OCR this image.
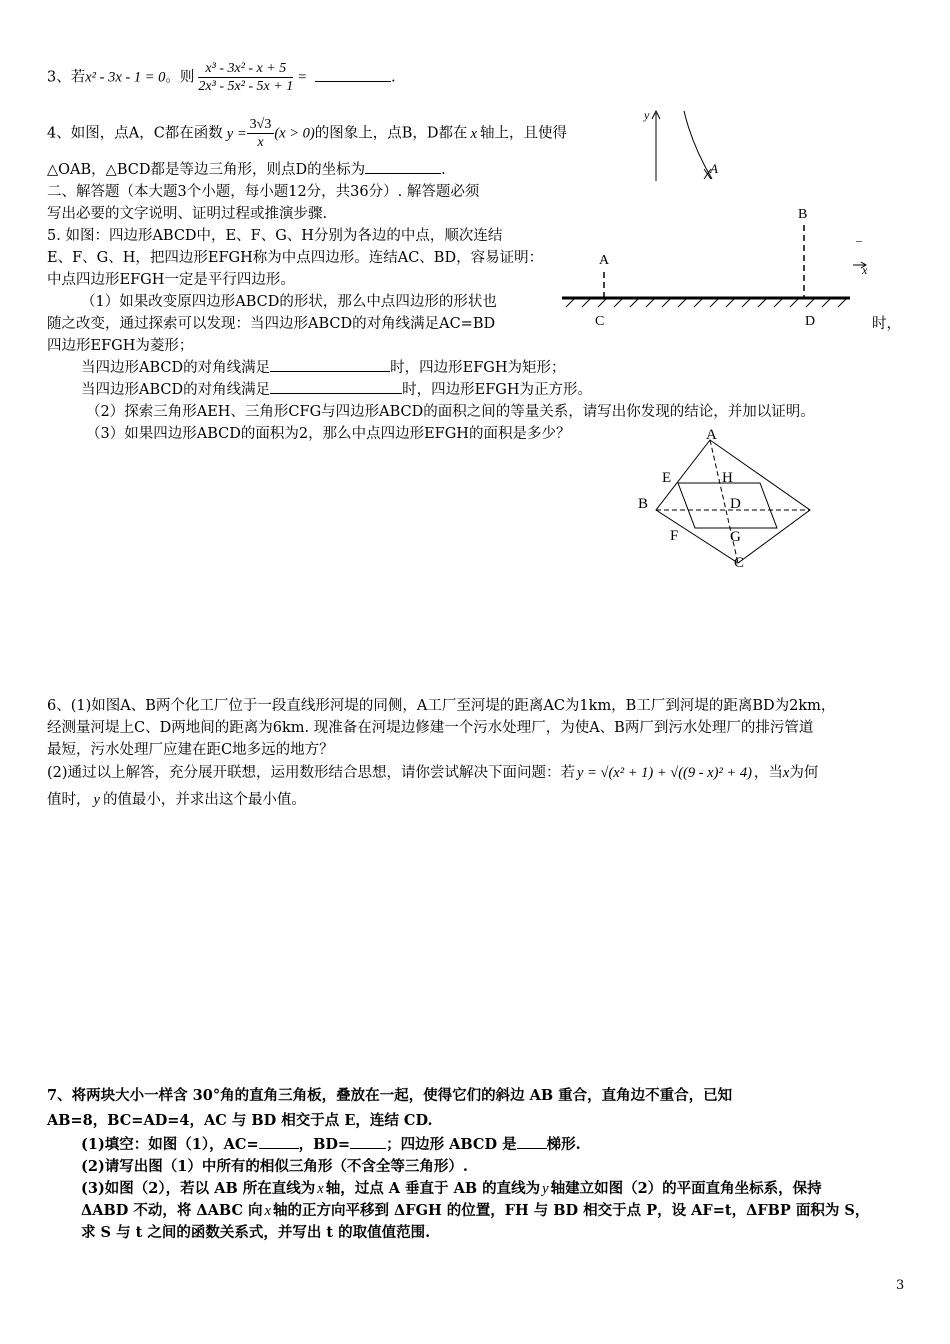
3、若x² - 3x - 1 = 0。则 $\frac{\text{x³ - 3x² - x + 5}}{\text{2x³ - 5x² - 5x + 1}}$ =	.
4、如图，点A，C都在函数 $y = \frac{3√3}{x} (x > 0)$的图象上，点B，D都在 x 轴上，且使得
△OAB，△BCD都是等边三角形，则点D的坐标为	.
y
A
二、解答题（本大题3个小题，每小题12分，共36分）. 解答题必须
写出必要的文字说明、证明过程或推演步骤.
5. 如图：四边形ABCD中，E、F、G、H分别为各边的中点，顺次连结
E、F、G、H，把四边形EFGH称为中点四边形。连结AC、BD，容易证明：
中点四边形EFGH一定是平行四边形。
（1）如果改变原四边形ABCD的形状，那么中点四边形的形状也
随之改变，通过探索可以发现：当四边形ABCD的对角线满足AC=BD	时，
四边形EFGH为菱形；
当四边形ABCD的对角线满足	时，四边形EFGH为矩形；
当四边形ABCD的对角线满足	时，四边形EFGH为正方形。
（2）探索三角形AEH、三角形CFG与四边形ABCD的面积之间的等量关系，请写出你发现的结论，并加以证明。
（3）如果四边形ABCD的面积为2，那么中点四边形EFGH的面积是多少？
A
B
C	D
–
x
A
B
C
D
E
F	G
H
6、(1)如图A、B两个化工厂位于一段直线形河堤的同侧，A工厂至河堤的距离AC为1km，B工厂到河堤的距离BD为2km，
经测量河堤上C、D两地间的距离为6km. 现准备在河堤边修建一个污水处理厂，为使A、B两厂到污水处理厂的排污管道
最短，污水处理厂应建在距C地多远的地方？
(2)通过以上解答，充分展开联想，运用数形结合思想，请你尝试解决下面问题：若 y = √(x² + 1) + √((9 - x)² + 4) ，当x为何
值时， y 的值最小，并求出这个最小值。
7、将两块大小一样含 30°角的直角三角板，叠放在一起，使得它们的斜边 AB 重合，直角边不重合，已知
AB=8，BC=AD=4，AC 与 BD 相交于点 E，连结 CD.
(1)填空：如图（1），AC=	，BD= ；四边形 ABCD 是 梯形.
(2)请写出图（1）中所有的相似三角形（不含全等三角形）.
(3)如图（2），若以 AB 所在直线为 x 轴，过点 A 垂直于 AB 的直线为 y 轴建立如图（2）的平面直角坐标系，保持
ΔABD 不动，将 ΔABC 向 x 轴的正方向平移到 ΔFGH 的位置，FH 与 BD 相交于点 P，设 AF=t，ΔFBP 面积为 S，
求 S 与 t 之间的函数关系式，并写出 t 的取值值范围.
3
